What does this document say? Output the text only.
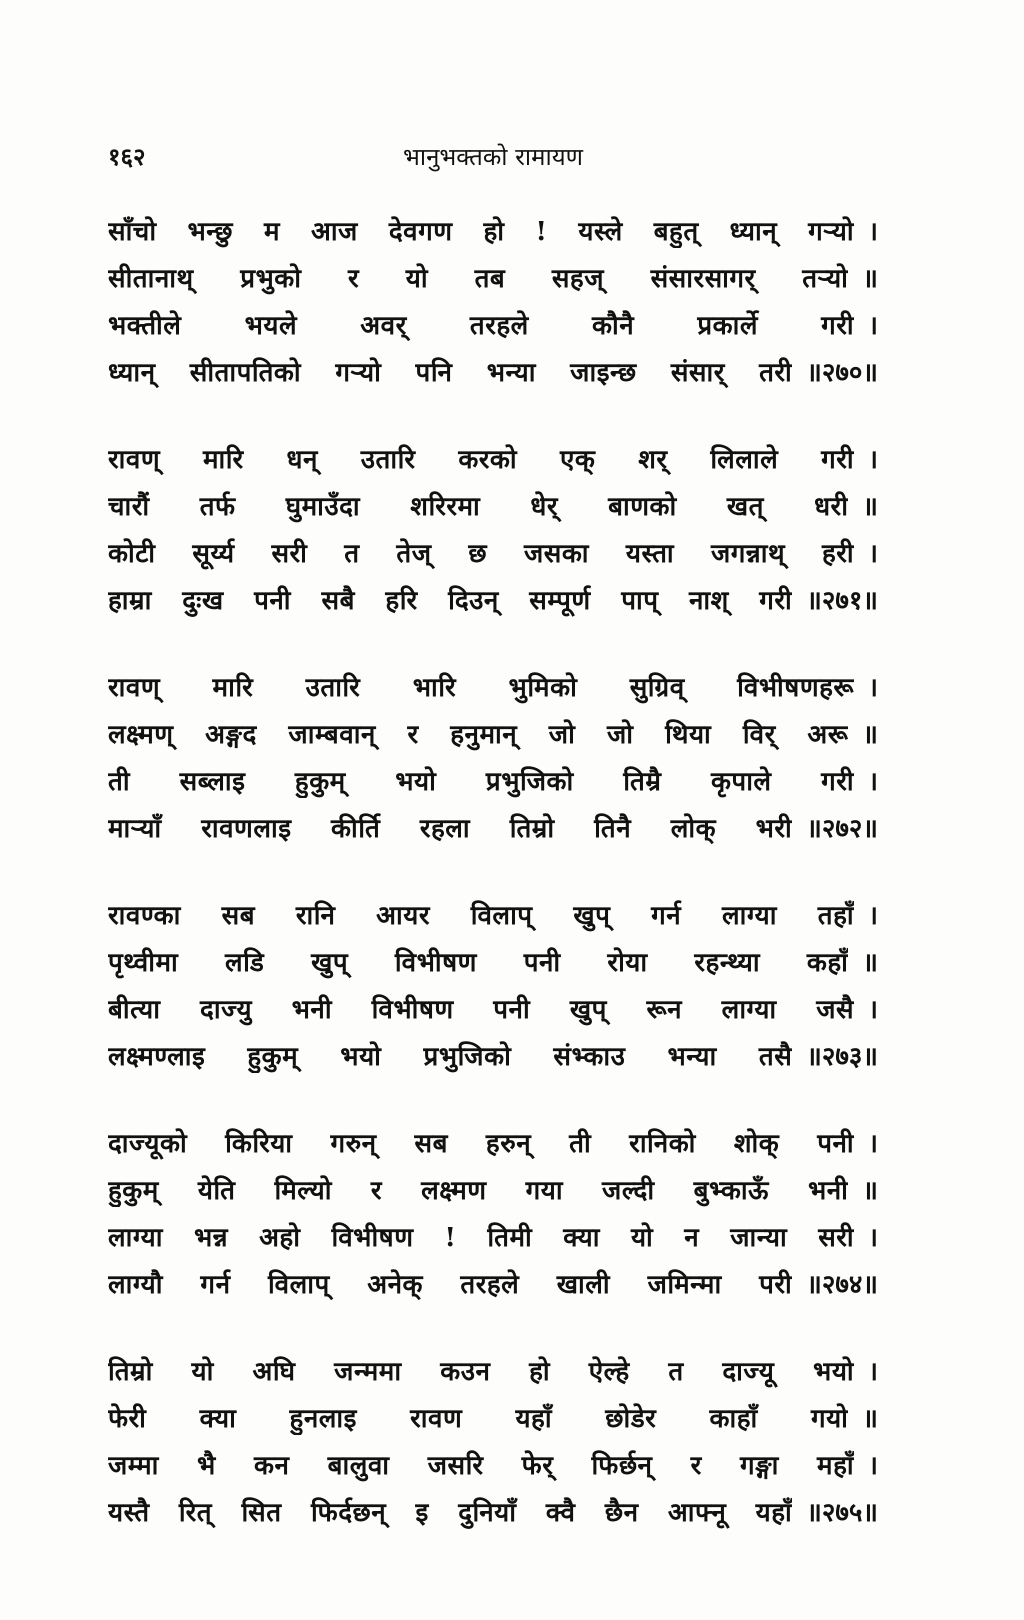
१६२	भानुभक्तको रामायण
साँचो भन्छु म आज देवगण हो ! यस्ले बहुत् ध्यान् गर्‍यो ।
सीतानाथ् प्रभुको र यो तब सहज् संसारसागर् तर्‍यो ॥
भक्तीले भयले अवर् तरहले कौनै प्रकार्ले गरी ।
ध्यान् सीतापतिको गर्‍यो पनि भन्या जाइन्छ संसार् तरी ॥२७०॥
रावण् मारि धन् उतारि करको एक् शर् लिलाले गरी ।
चारौं तर्फ घुमाउँदा शरिरमा धेर् बाणको खत् धरी ॥
कोटी सूर्य्य सरी त तेज् छ जसका यस्ता जगन्नाथ् हरी ।
हाम्रा दुःख पनी सबै हरि दिउन् सम्पूर्ण पाप् नाश् गरी ॥२७१॥
रावण् मारि उतारि भारि भुमिको सुग्रिव् विभीषणहरू ।
लक्ष्मण् अङ्गद जाम्बवान् र हनुमान् जो जो थिया विर् अरू ॥
ती सब्लाइ हुकुम् भयो प्रभुजिको तिम्रै कृपाले गरी ।
मार्‍याँ रावणलाइ कीर्ति रहला तिम्रो तिनै लोक् भरी ॥२७२॥
रावण्का सब रानि आयर विलाप् खुप् गर्न लाग्या तहाँ ।
पृथ्वीमा लडि खुप् विभीषण पनी रोया रहन्थ्या कहाँ ॥
बीत्या दाज्यु भनी विभीषण पनी खुप् रून लाग्या जसै ।
लक्ष्मण्लाइ हुकुम् भयो प्रभुजिको संभ्काउ भन्या तसै ॥२७३॥
दाज्यूको किरिया गरुन् सब हरुन् ती रानिको शोक् पनी ।
हुकुम् येति मिल्यो र लक्ष्मण गया जल्दी बुभ्काऊँ भनी ॥
लाग्या भन्न अहो विभीषण ! तिमी क्या यो न जान्या सरी ।
लाग्यौ गर्न विलाप् अनेक् तरहले खाली जमिन्मा परी ॥२७४॥
तिम्रो यो अघि जन्ममा कउन हो ऐल्हे त दाज्यू भयो ।
फेरी क्या हुनलाइ रावण यहाँ छोडेर काहाँ गयो ॥
जम्मा भै कन बालुवा जसरि फेर् फिर्छन् र गङ्गा महाँ ।
यस्तै रित् सित फिर्दछन् इ दुनियाँ क्वै छैन आफ्नू यहाँ ॥२७५॥
